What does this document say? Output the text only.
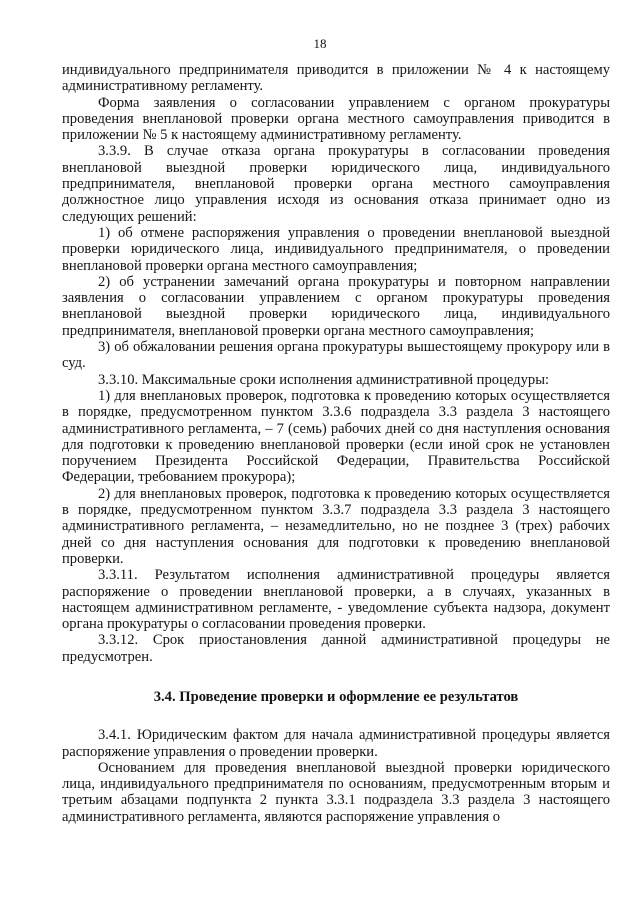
18

индивидуального предпринимателя приводится в приложении № 4 к настоящему административному регламенту.

Форма заявления о согласовании управлением с органом прокуратуры проведения внеплановой проверки органа местного самоуправления приводится в приложении № 5 к настоящему административному регламенту.

3.3.9. В случае отказа органа прокуратуры в согласовании проведения внеплановой выездной проверки юридического лица, индивидуального предпринимателя, внеплановой проверки органа местного самоуправления должностное лицо управления исходя из основания отказа принимает одно из следующих решений:

1) об отмене распоряжения управления о проведении внеплановой выездной проверки юридического лица, индивидуального предпринимателя, о проведении внеплановой проверки органа местного самоуправления;

2) об устранении замечаний органа прокуратуры и повторном направлении заявления о согласовании управлением с органом прокуратуры проведения внеплановой выездной проверки юридического лица, индивидуального предпринимателя, внеплановой проверки органа местного самоуправления;

3) об обжаловании решения органа прокуратуры вышестоящему прокурору или в суд.

3.3.10. Максимальные сроки исполнения административной процедуры:

1) для внеплановых проверок, подготовка к проведению которых осуществляется в порядке, предусмотренном пунктом 3.3.6 подраздела 3.3 раздела 3 настоящего административного регламента, – 7 (семь) рабочих дней со дня наступления основания для подготовки к проведению внеплановой проверки (если иной срок не установлен поручением Президента Российской Федерации, Правительства Российской Федерации, требованием прокурора);

2) для внеплановых проверок, подготовка к проведению которых осуществляется в порядке, предусмотренном пунктом 3.3.7 подраздела 3.3 раздела 3 настоящего административного регламента, – незамедлительно, но не позднее 3 (трех) рабочих дней со дня наступления основания для подготовки к проведению внеплановой проверки.

3.3.11. Результатом исполнения административной процедуры является распоряжение о проведении внеплановой проверки, а в случаях, указанных в настоящем административном регламенте, - уведомление субъекта надзора, документ органа прокуратуры о согласовании проведения проверки.

3.3.12. Срок приостановления данной административной процедуры не предусмотрен.

3.4. Проведение проверки и оформление ее результатов

3.4.1. Юридическим фактом для начала административной процедуры является распоряжение управления о проведении проверки.

Основанием для проведения внеплановой выездной проверки юридического лица, индивидуального предпринимателя по основаниям, предусмотренным вторым и третьим абзацами подпункта 2 пункта 3.3.1 подраздела 3.3 раздела 3 настоящего административного регламента, являются распоряжение управления о
